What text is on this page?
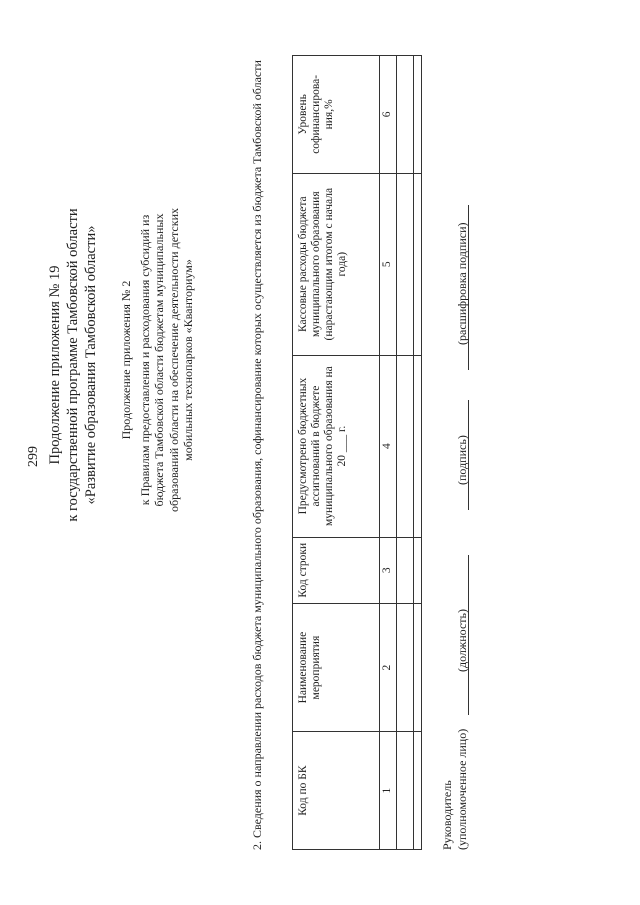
299 Продолжение приложения № 19 к государственной программе Тамбовской области «Развитие образования Тамбовской области» Продолжение приложения № 2 к Правилам предоставления и расходования субсидий из бюджета Тамбовской области бюджетам муниципальных образований области на обеспечение деятельности детских мобильных технопарков «Кванториум»	2. Сведения о направлении расходов бюджета муниципального образования, софинансирование которых осуществляется из бюджета Тамбовской области	Код по БК	Наименование мероприятия	Код строки	Предусмотрено бюджетных ассигнований в бюджете муниципального образования на 20 ___ г.	Кассовые расходы бюджета муниципального образования (нарастающим итогом с начала года)	Уровень софинансирова-ния,%
1	2	3	4	5	6

Руководитель (уполномоченное лицо)
(должность)
(подпись)
(расшифровка подписи)
